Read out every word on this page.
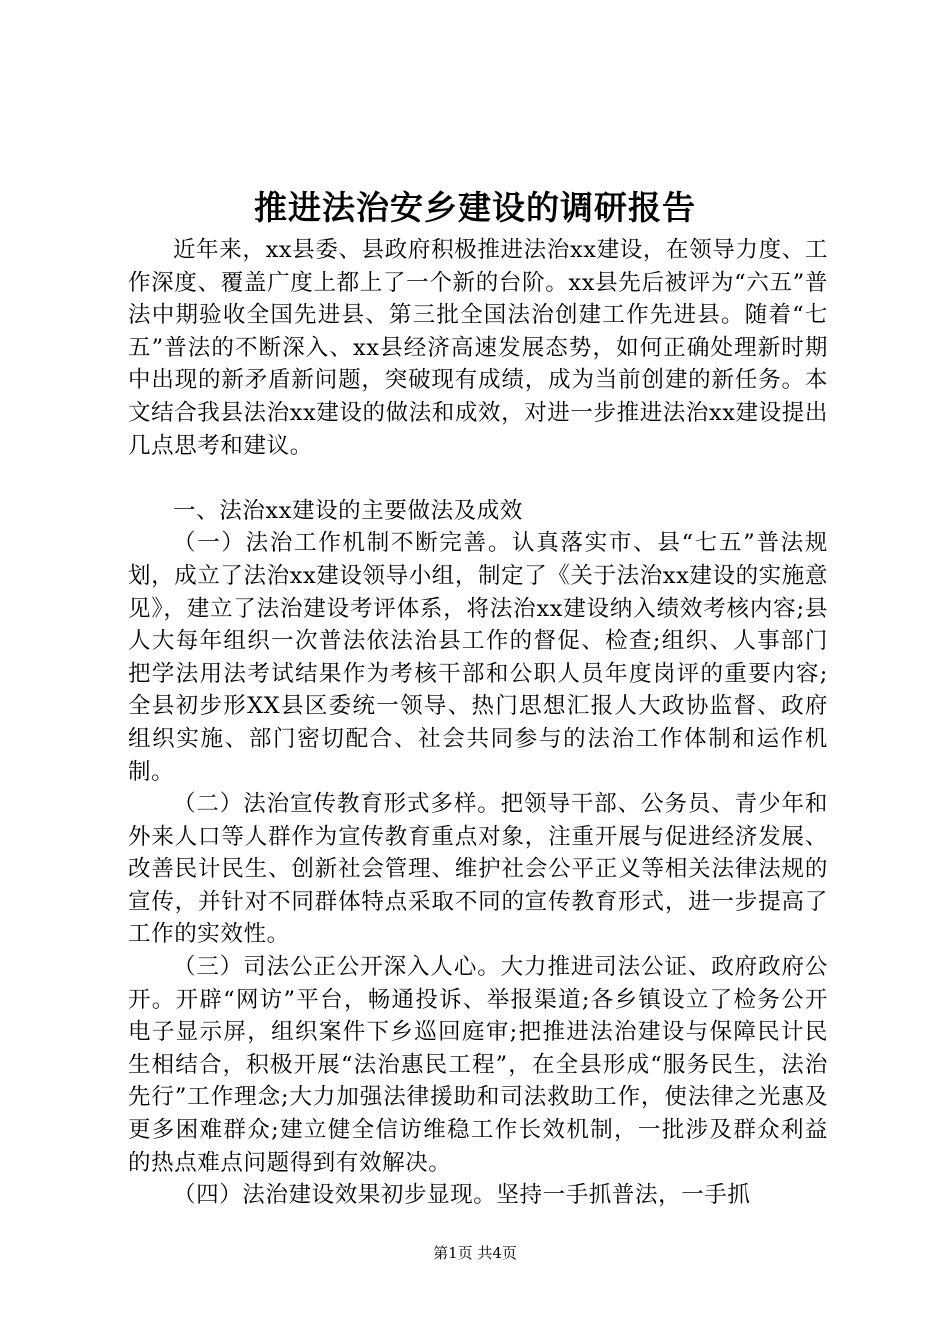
推进法治安乡建设的调研报告

近年来，xx县委、县政府积极推进法治xx建设，在领导力度、工作深度、覆盖广度上都上了一个新的台阶。xx县先后被评为“六五”普法中期验收全国先进县、第三批全国法治创建工作先进县。随着“七五”普法的不断深入、xx县经济高速发展态势，如何正确处理新时期中出现的新矛盾新问题，突破现有成绩，成为当前创建的新任务。本文结合我县法治xx建设的做法和成效，对进一步推进法治xx建设提出几点思考和建议。

一、法治xx建设的主要做法及成效

（一）法治工作机制不断完善。认真落实市、县“七五”普法规划，成立了法治xx建设领导小组，制定了《关于法治xx建设的实施意见》，建立了法治建设考评体系，将法治xx建设纳入绩效考核内容;县人大每年组织一次普法依法治县工作的督促、检查;组织、人事部门把学法用法考试结果作为考核干部和公职人员年度岗评的重要内容;全县初步形XX县区委统一领导、热门思想汇报人大政协监督、政府组织实施、部门密切配合、社会共同参与的法治工作体制和运作机制。

（二）法治宣传教育形式多样。把领导干部、公务员、青少年和外来人口等人群作为宣传教育重点对象，注重开展与促进经济发展、改善民计民生、创新社会管理、维护社会公平正义等相关法律法规的宣传，并针对不同群体特点采取不同的宣传教育形式，进一步提高了工作的实效性。

（三）司法公正公开深入人心。大力推进司法公证、政府政府公开。开辟“网访”平台，畅通投诉、举报渠道;各乡镇设立了检务公开电子显示屏，组织案件下乡巡回庭审;把推进法治建设与保障民计民生相结合，积极开展“法治惠民工程”，在全县形成“服务民生，法治先行”工作理念;大力加强法律援助和司法救助工作，使法律之光惠及更多困难群众;建立健全信访维稳工作长效机制，一批涉及群众利益的热点难点问题得到有效解决。

（四）法治建设效果初步显现。坚持一手抓普法，一手抓

第1页 共4页
